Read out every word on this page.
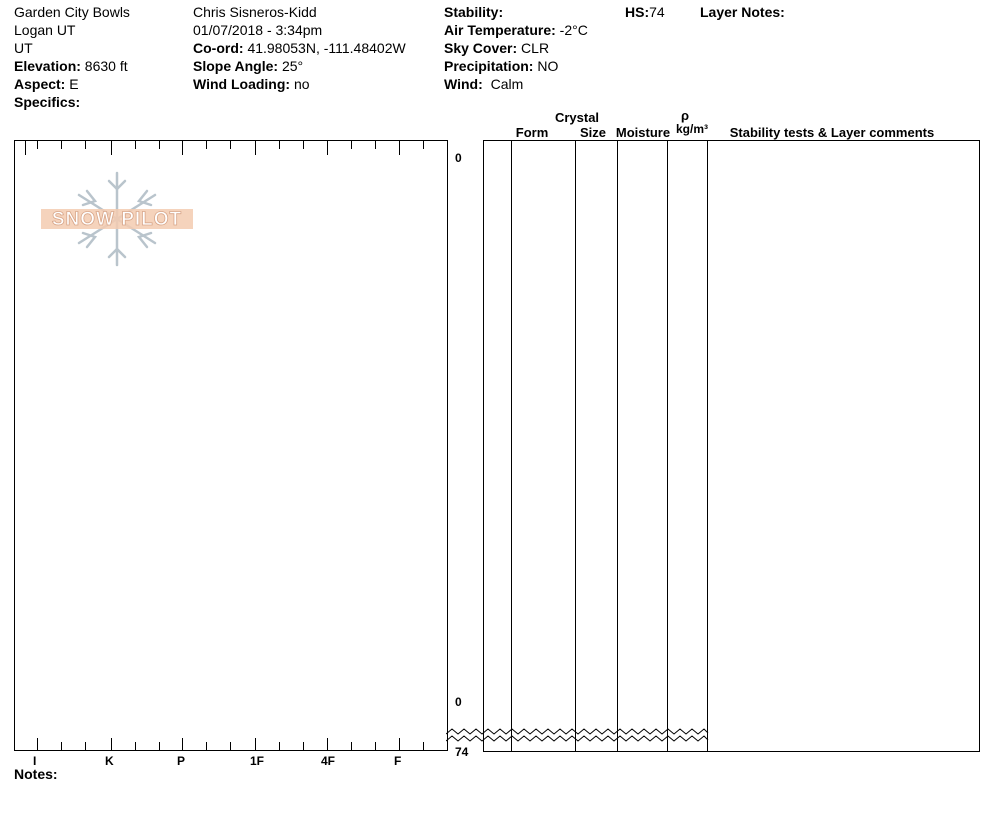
Garden City Bowls
Logan UT
UT
Elevation: 8630 ft
Aspect: E
Specifics:
Chris Sisneros-Kidd
01/07/2018 - 3:34pm
Co-ord: 41.98053N, -111.48402W
Slope Angle: 25°
Wind Loading: no
Stability:
Air Temperature: -2°C
Sky Cover: CLR
Precipitation: NO
Wind: Calm
HS:74	Layer Notes:
SNOW PILOT
0
0
74
I	K	P	1F	4F	F
Notes:
Crystal
Form	Size Moisture
ρ
kg/m³	Stability tests & Layer comments
